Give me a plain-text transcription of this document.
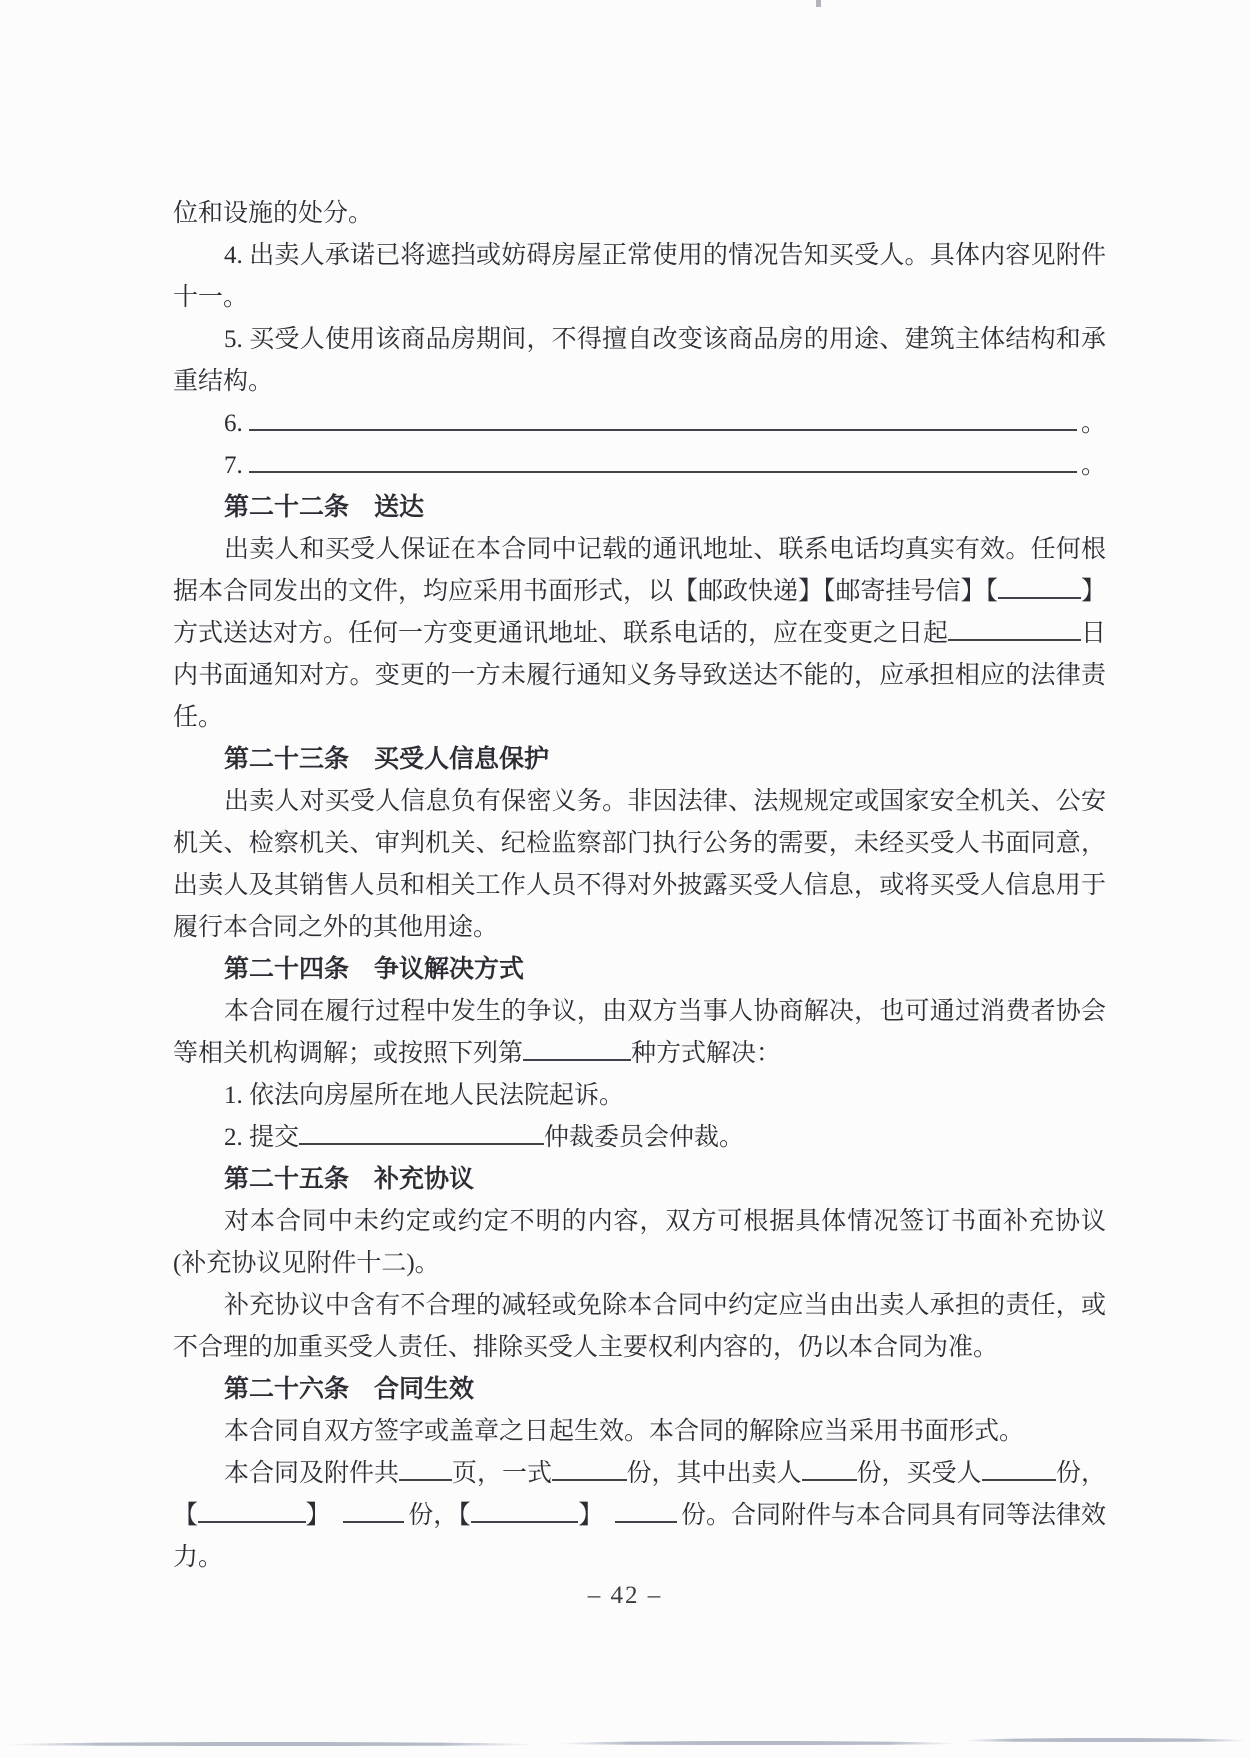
位和设施的处分。
4. 出卖人承诺已将遮挡或妨碍房屋正常使用的情况告知买受人。具体内容见附件
十一。
5. 买受人使用该商品房期间，不得擅自改变该商品房的用途、建筑主体结构和承
重结构。
6.	。
7.	。
第二十二条 送达
出卖人和买受人保证在本合同中记载的通讯地址、联系电话均真实有效。任何根
据本合同发出的文件，均应采用书面形式，以【邮政快递】【邮寄挂号信】【	】
方式送达对方。任何一方变更通讯地址、联系电话的，应在变更之日起	日
内书面通知对方。变更的一方未履行通知义务导致送达不能的，应承担相应的法律责
任。
第二十三条 买受人信息保护
出卖人对买受人信息负有保密义务。非因法律、法规规定或国家安全机关、公安
机关、检察机关、审判机关、纪检监察部门执行公务的需要，未经买受人书面同意，
出卖人及其销售人员和相关工作人员不得对外披露买受人信息，或将买受人信息用于
履行本合同之外的其他用途。
第二十四条 争议解决方式
本合同在履行过程中发生的争议，由双方当事人协商解决，也可通过消费者协会
等相关机构调解；或按照下列第	种方式解决：
1. 依法向房屋所在地人民法院起诉。
2. 提交	仲裁委员会仲裁。
第二十五条 补充协议
对本合同中未约定或约定不明的内容，双方可根据具体情况签订书面补充协议
(补充协议见附件十二)。
补充协议中含有不合理的减轻或免除本合同中约定应当由出卖人承担的责任，或
不合理的加重买受人责任、排除买受人主要权利内容的，仍以本合同为准。
第二十六条 合同生效
本合同自双方签字或盖章之日起生效。本合同的解除应当采用书面形式。
本合同及附件共 页，一式	份，其中出卖人 份，买受人	份，
【	】	份，【	】	份。合同附件与本合同具有同等法律效
力。
– 42 –
